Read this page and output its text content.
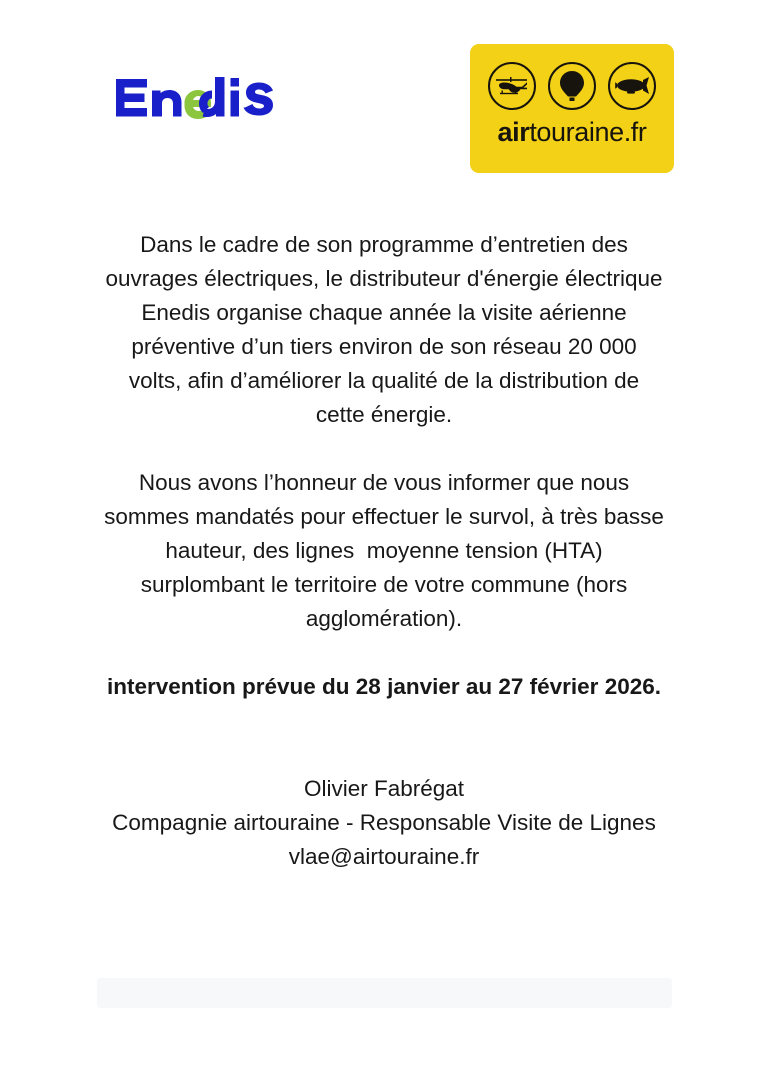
airtouraine.fr

Dans le cadre de son programme d’entretien des ouvrages électriques, le distributeur d'énergie électrique Enedis organise chaque année la visite aérienne préventive d’un tiers environ de son réseau 20 000 volts, afin d’améliorer la qualité de la distribution de cette énergie.

Nous avons l’honneur de vous informer que nous sommes mandatés pour effectuer le survol, à très basse hauteur, des lignes  moyenne tension (HTA) surplombant le territoire de votre commune (hors agglomération).

intervention prévue du 28 janvier au 27 février 2026.

Olivier Fabrégat

Compagnie airtouraine - Responsable Visite de Lignes

vlae@airtouraine.fr
